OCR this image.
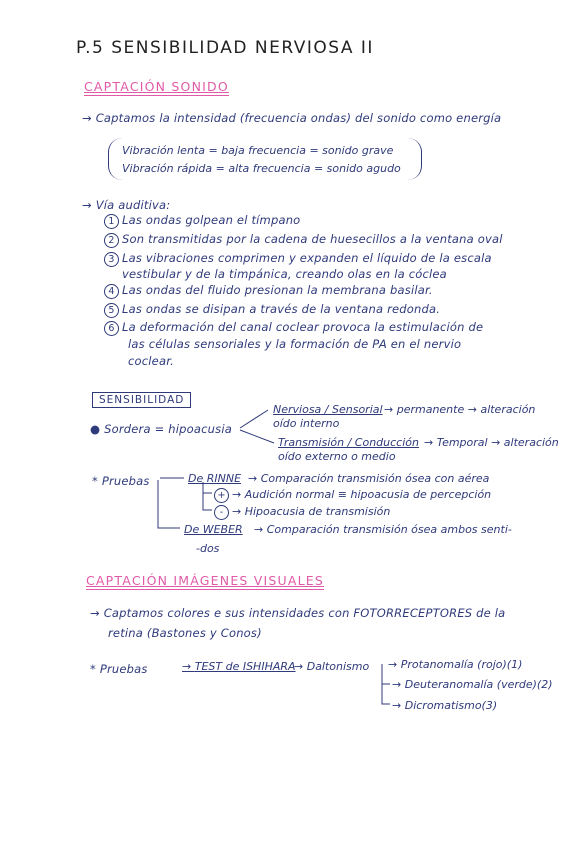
P.5 SENSIBILIDAD NERVIOSA II
CAPTACIÓN SONIDO
→ Captamos la intensidad (frecuencia ondas) del sonido como energía
Vibración lenta = baja frecuencia = sonido grave
Vibración rápida = alta frecuencia = sonido agudo
→ Vía auditiva:
1 Las ondas golpean el tímpano
2 Son transmitidas por la cadena de huesecillos a la ventana oval
3 Las vibraciones comprimen y expanden el líquido de la escala
vestibular y de la timpánica, creando olas en la cóclea
4 Las ondas del fluido presionan la membrana basilar.
5 Las ondas se disipan a través de la ventana redonda.
6 La deformación del canal coclear provoca la estimulación de
las células sensoriales y la formación de PA en el nervio
coclear.
SENSIBILIDAD
● Sordera = hipoacusia
Nerviosa / Sensorial
oído interno
→ permanente → alteración
Transmisión / Conducción
oído externo o medio
→ Temporal → alteración
* Pruebas	De RINNE → Comparación transmisión ósea con aérea
+ → Audición normal ≡ hipoacusia de percepción
- → Hipoacusia de transmisión
De WEBER → Comparación transmisión ósea ambos senti-
-dos
CAPTACIÓN IMÁGENES VISUALES
→ Captamos colores e sus intensidades con FOTORRECEPTORES de la
retina (Bastones y Conos)
* Pruebas	→ TEST de ISHIHARA
→ Daltonismo → Protanomalía (rojo)(1)
→ Deuteranomalía (verde)(2)
→ Dicromatismo(3)
